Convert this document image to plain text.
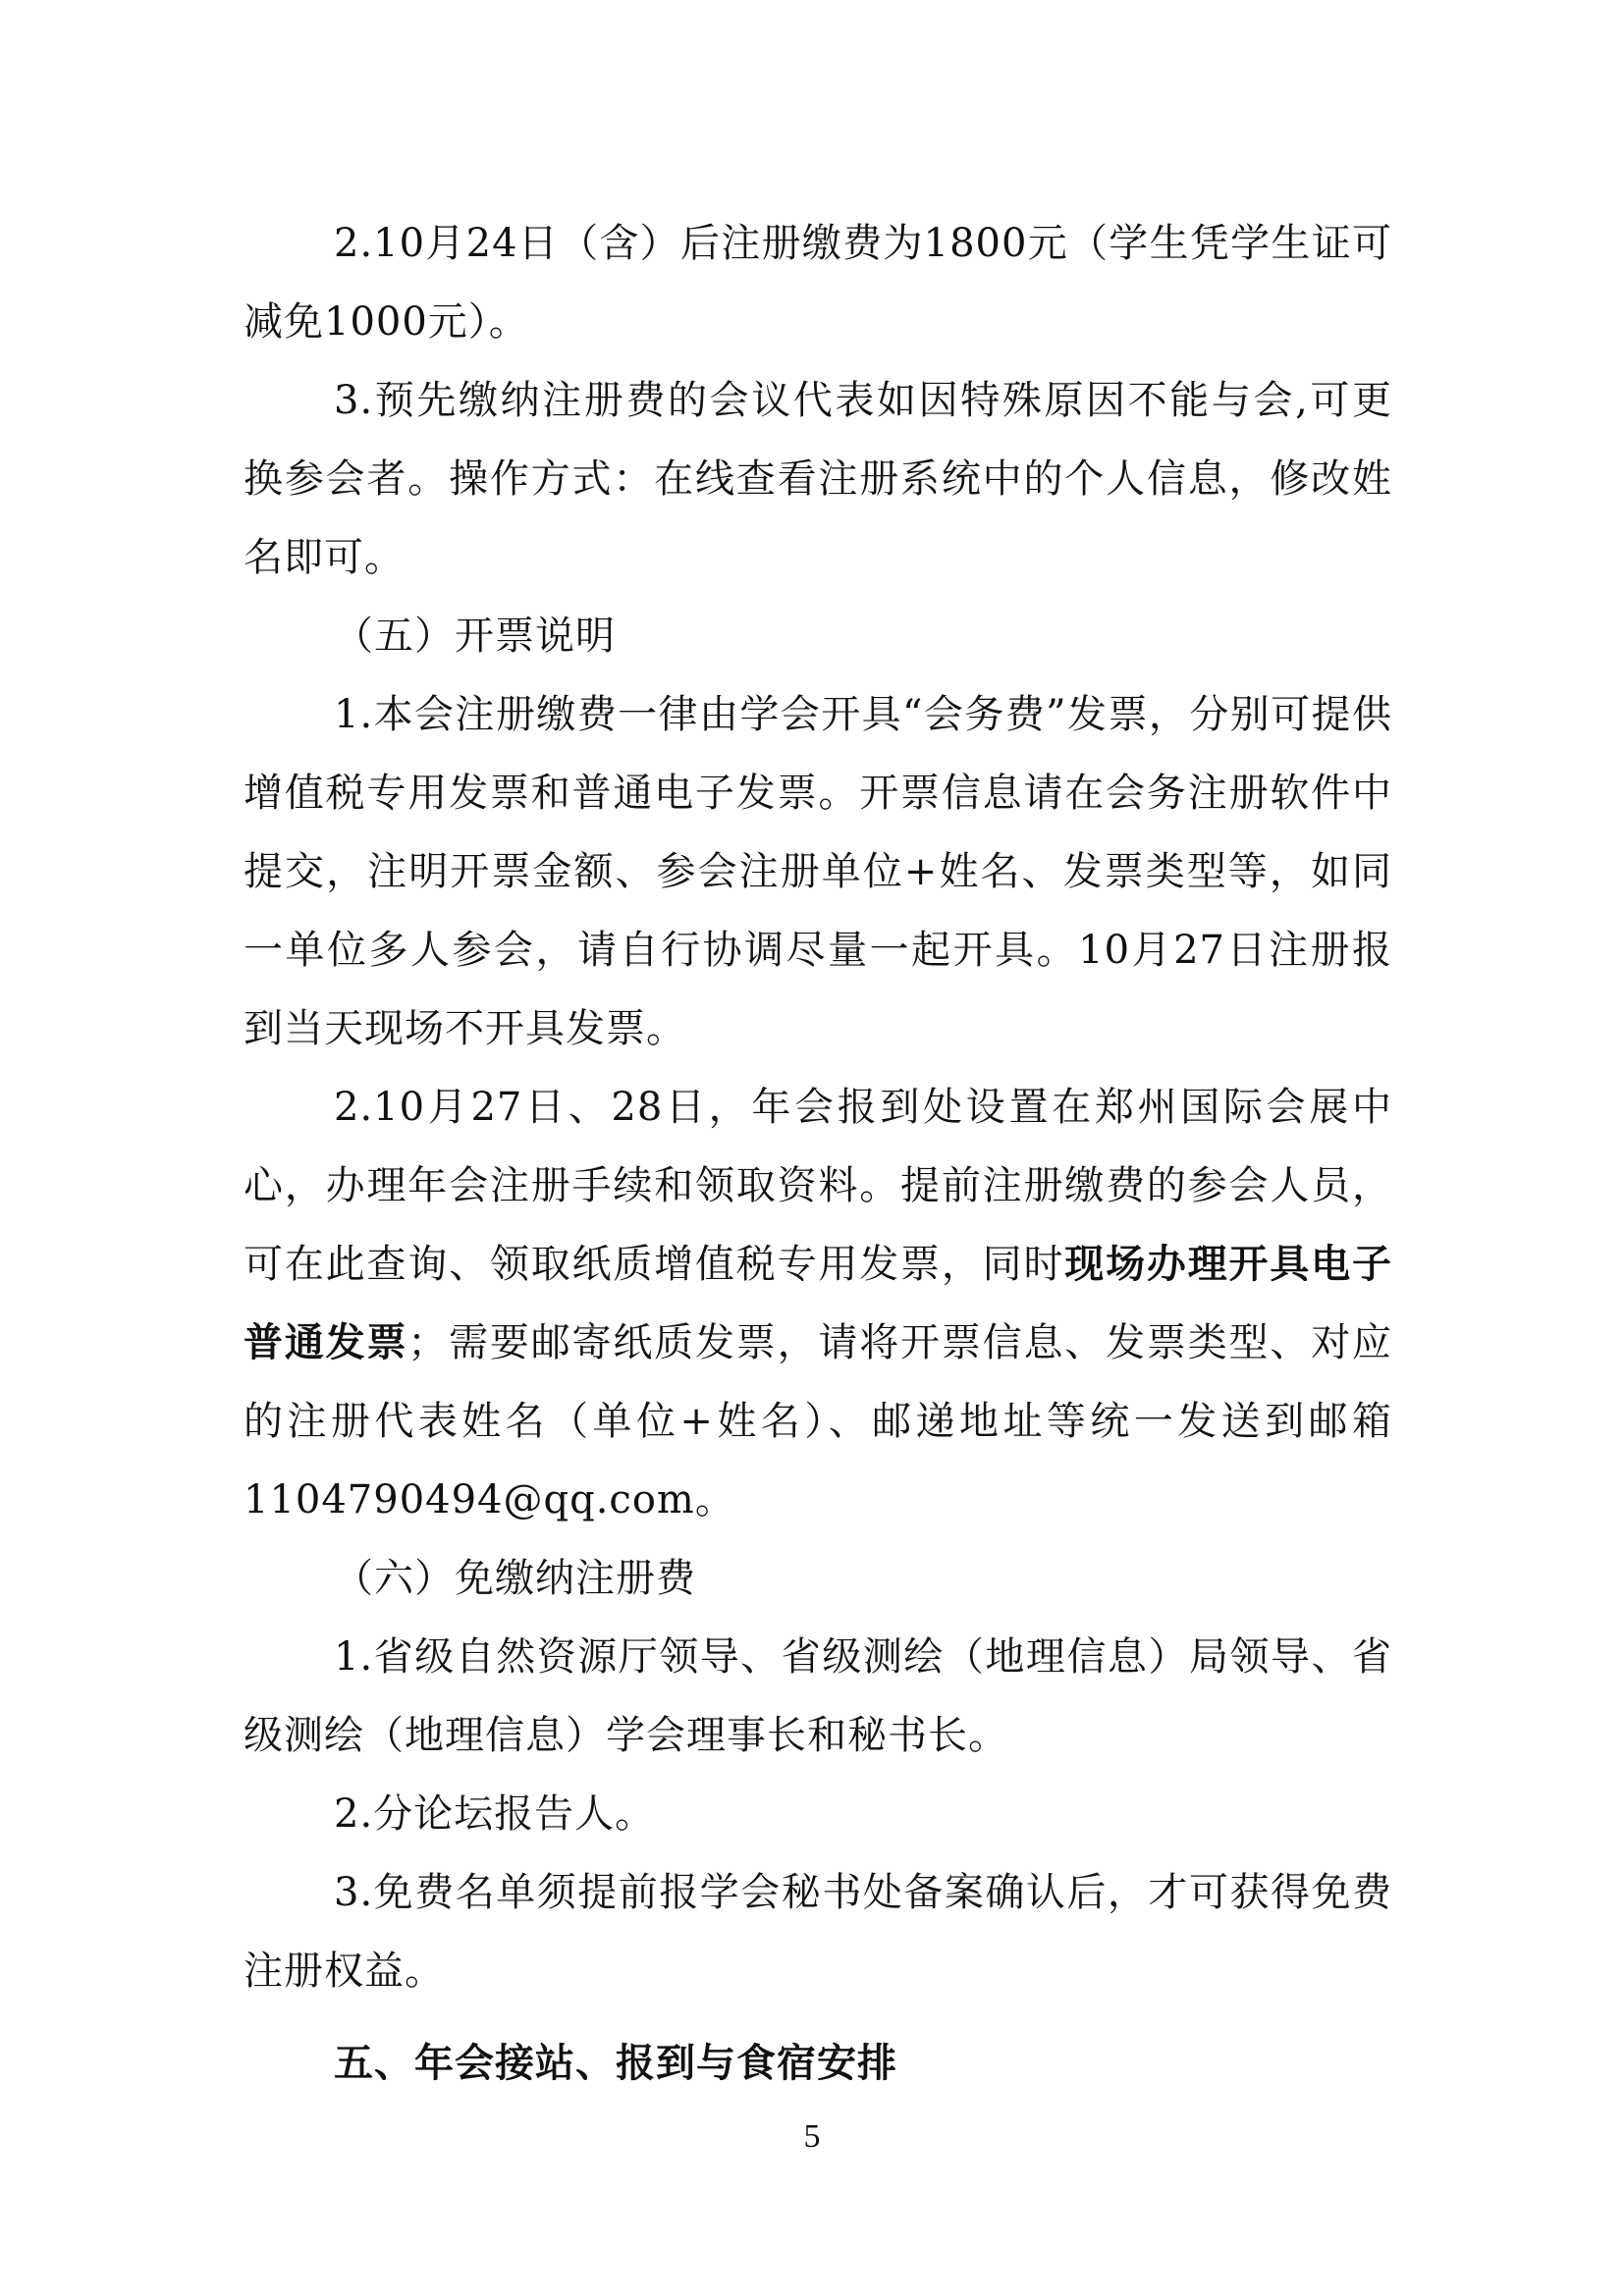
2.10月24日（含）后注册缴费为1800元（学生凭学生证可减免1000元）。

3.预先缴纳注册费的会议代表如因特殊原因不能与会,可更换参会者。操作方式：在线查看注册系统中的个人信息，修改姓名即可。

（五）开票说明

1.本会注册缴费一律由学会开具“会务费”发票，分别可提供增值税专用发票和普通电子发票。开票信息请在会务注册软件中提交，注明开票金额、参会注册单位+姓名、发票类型等，如同一单位多人参会，请自行协调尽量一起开具。10月27日注册报到当天现场不开具发票。

2.10月27日、28日，年会报到处设置在郑州国际会展中心，办理年会注册手续和领取资料。提前注册缴费的参会人员，可在此查询、领取纸质增值税专用发票，同时现场办理开具电子普通发票；需要邮寄纸质发票，请将开票信息、发票类型、对应的注册代表姓名（单位+姓名）、邮递地址等统一发送到邮箱1104790494@qq.com。

（六）免缴纳注册费

1.省级自然资源厅领导、省级测绘（地理信息）局领导、省级测绘（地理信息）学会理事长和秘书长。

2.分论坛报告人。

3.免费名单须提前报学会秘书处备案确认后，才可获得免费注册权益。

五、年会接站、报到与食宿安排

5
